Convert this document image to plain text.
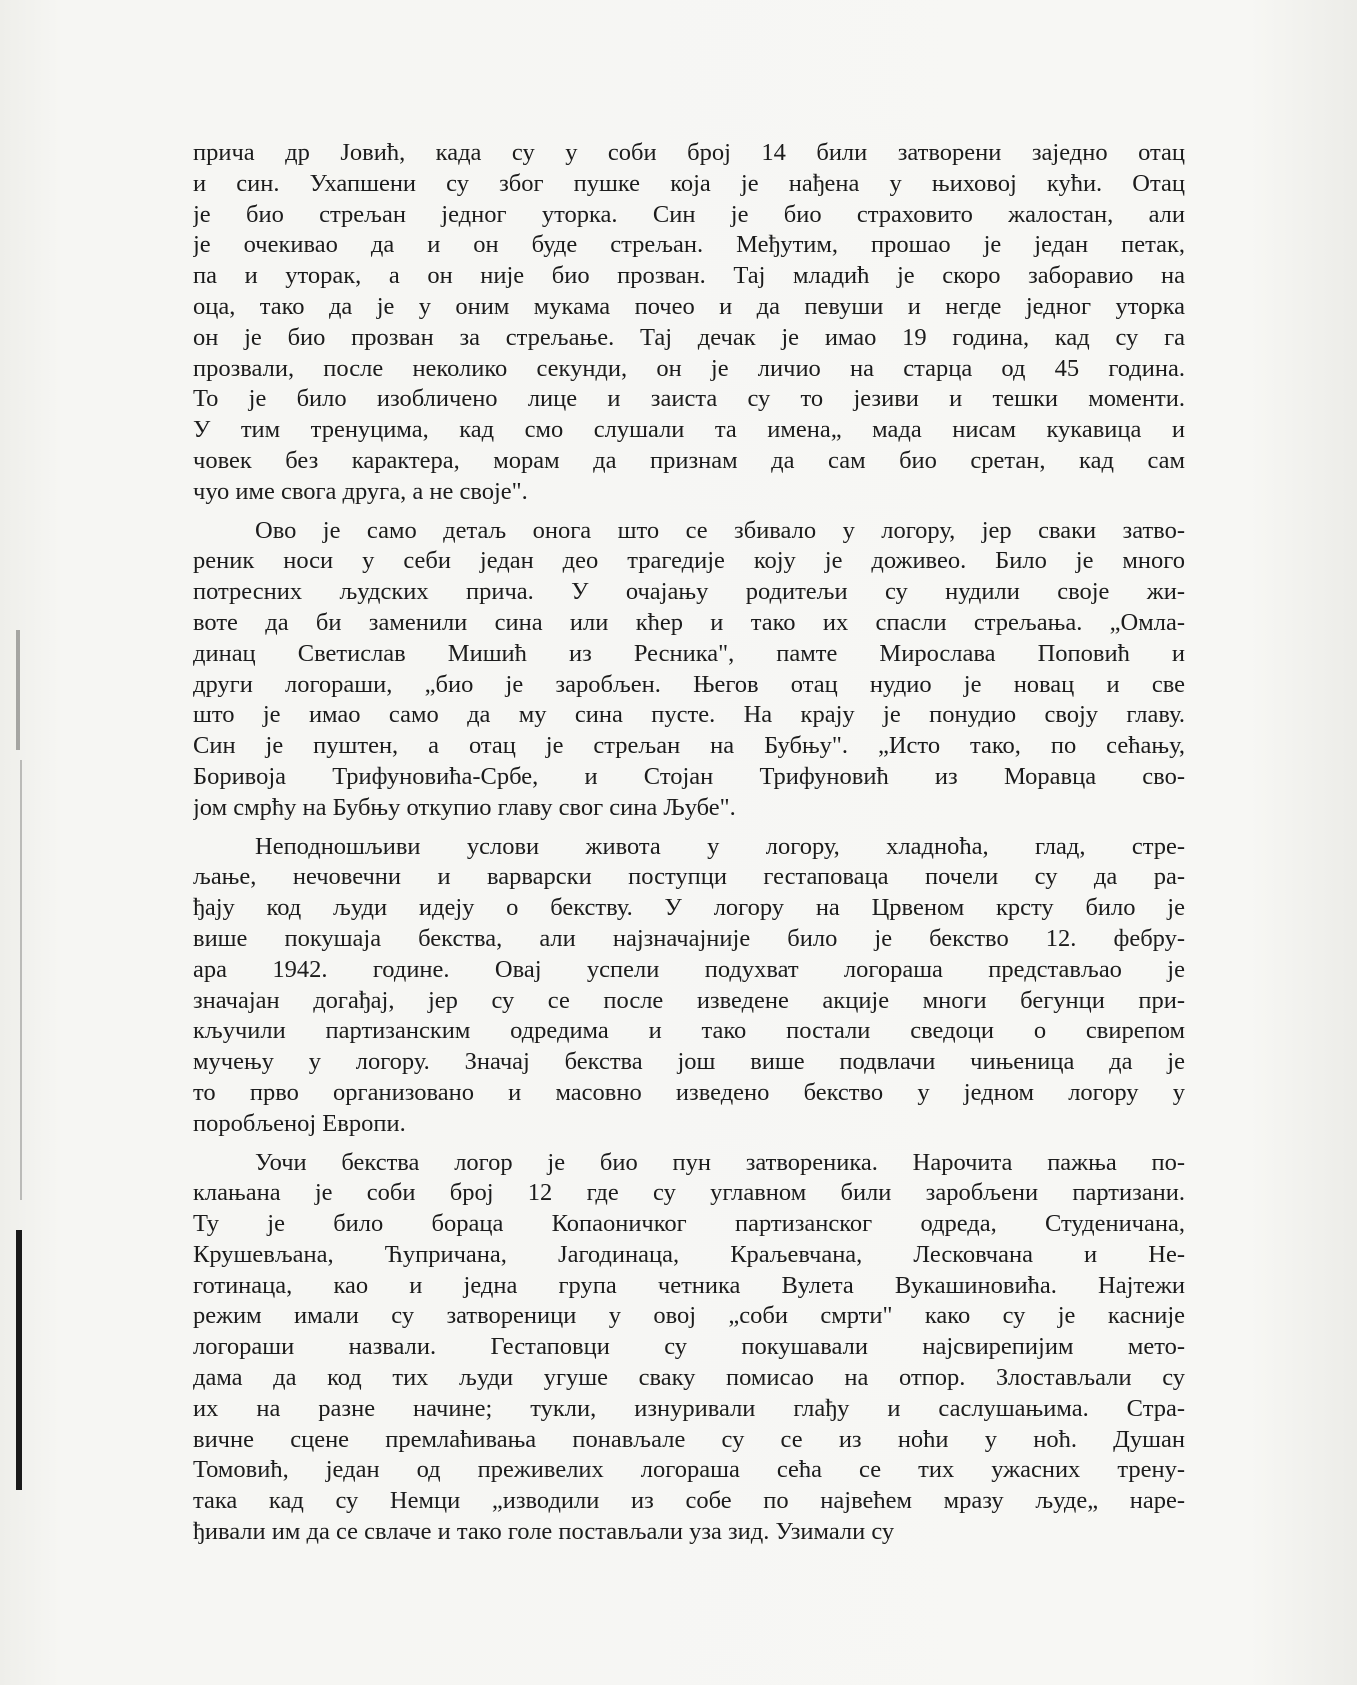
прича др Јовић, када су у соби број 14 били затворени заједно отац
и син. Ухапшени су због пушке која је нађена у њиховој кући. Отац
је био стрељан једног уторка. Син је био страховито жалостан, али
је очекивао да и он буде стрељан. Међутим, прошао је један петак,
па и уторак, а он није био прозван. Тај младић је скоро заборавио на
оца, тако да је у оним мукама почео и да певуши и негде једног уторка
он је био прозван за стрељање. Тај дечак је имао 19 година, кад су га
прозвали, после неколико секунди, он је личио на старца од 45 година.
То је било изобличено лице и заиста су то језиви и тешки моменти.
У тим тренуцима, кад смо слушали та имена„ мада нисам кукавица и
човек без карактера, морам да признам да сам био сретан, кад сам
чуо име свога друга, а не своје".
Ово је само детаљ онога што се збивало у логору, јер сваки затво-
реник носи у себи један део трагедије коју је доживео. Било је много
потресних људских прича. У очајању родитељи су нудили своје жи-
воте да би заменили сина или кћер и тако их спасли стрељања. „Омла-
динац Светислав Мишић из Ресника", памте Мирослава Поповић и
други логораши, „био је заробљен. Његов отац нудио је новац и све
што је имао само да му сина пусте. На крају је понудио своју главу.
Син је пуштен, а отац је стрељан на Бубњу". „Исто тако, по сећању,
Боривоја Трифуновића-Србе, и Стојан Трифуновић из Моравца сво-
јом смрћу на Бубњу откупио главу свог сина Љубе".
Неподношљиви услови живота у логору, хладноћа, глад, стре-
љање, нечовечни и варварски поступци гестаповаца почели су да ра-
ђају код људи идеју о бекству. У логору на Црвеном крсту било је
више покушаја бекства, али најзначајније било је бекство 12. фебру-
ара 1942. године. Овај успели подухват логораша представљао је
значајан догађај, јер су се после изведене акције многи бегунци при-
кључили партизанским одредима и тако постали сведоци о свирепом
мучењу у логору. Значај бекства још више подвлачи чињеница да је
то прво организовано и масовно изведено бекство у једном логору у
поробљеној Европи.
Уочи бекства логор је био пун затвореника. Нарочита пажња по-
клањана је соби број 12 где су углавном били заробљени партизани.
Ту је било бораца Копаоничког партизанског одреда, Студеничана,
Крушевљана, Ћупричана, Јагодинаца, Краљевчана, Лесковчана и Не-
готинаца, као и једна група четника Вулета Вукашиновића. Најтежи
режим имали су затвореници у овој „соби смрти" како су је касније
логораши назвали. Гестаповци су покушавали најсвирепијим мето-
дама да код тих људи угуше сваку помисао на отпор. Злостављали су
их на разне начине; тукли, изнуривали глађу и саслушањима. Стра-
вичне сцене премлаћивања понављале су се из ноћи у ноћ. Душан
Томовић, један од преживелих логораша сећа се тих ужасних трену-
така кад су Немци „изводили из собе по највећем мразу људе„ наре-
ђивали им да се свлаче и тако голе постављали уза зид. Узимали су
